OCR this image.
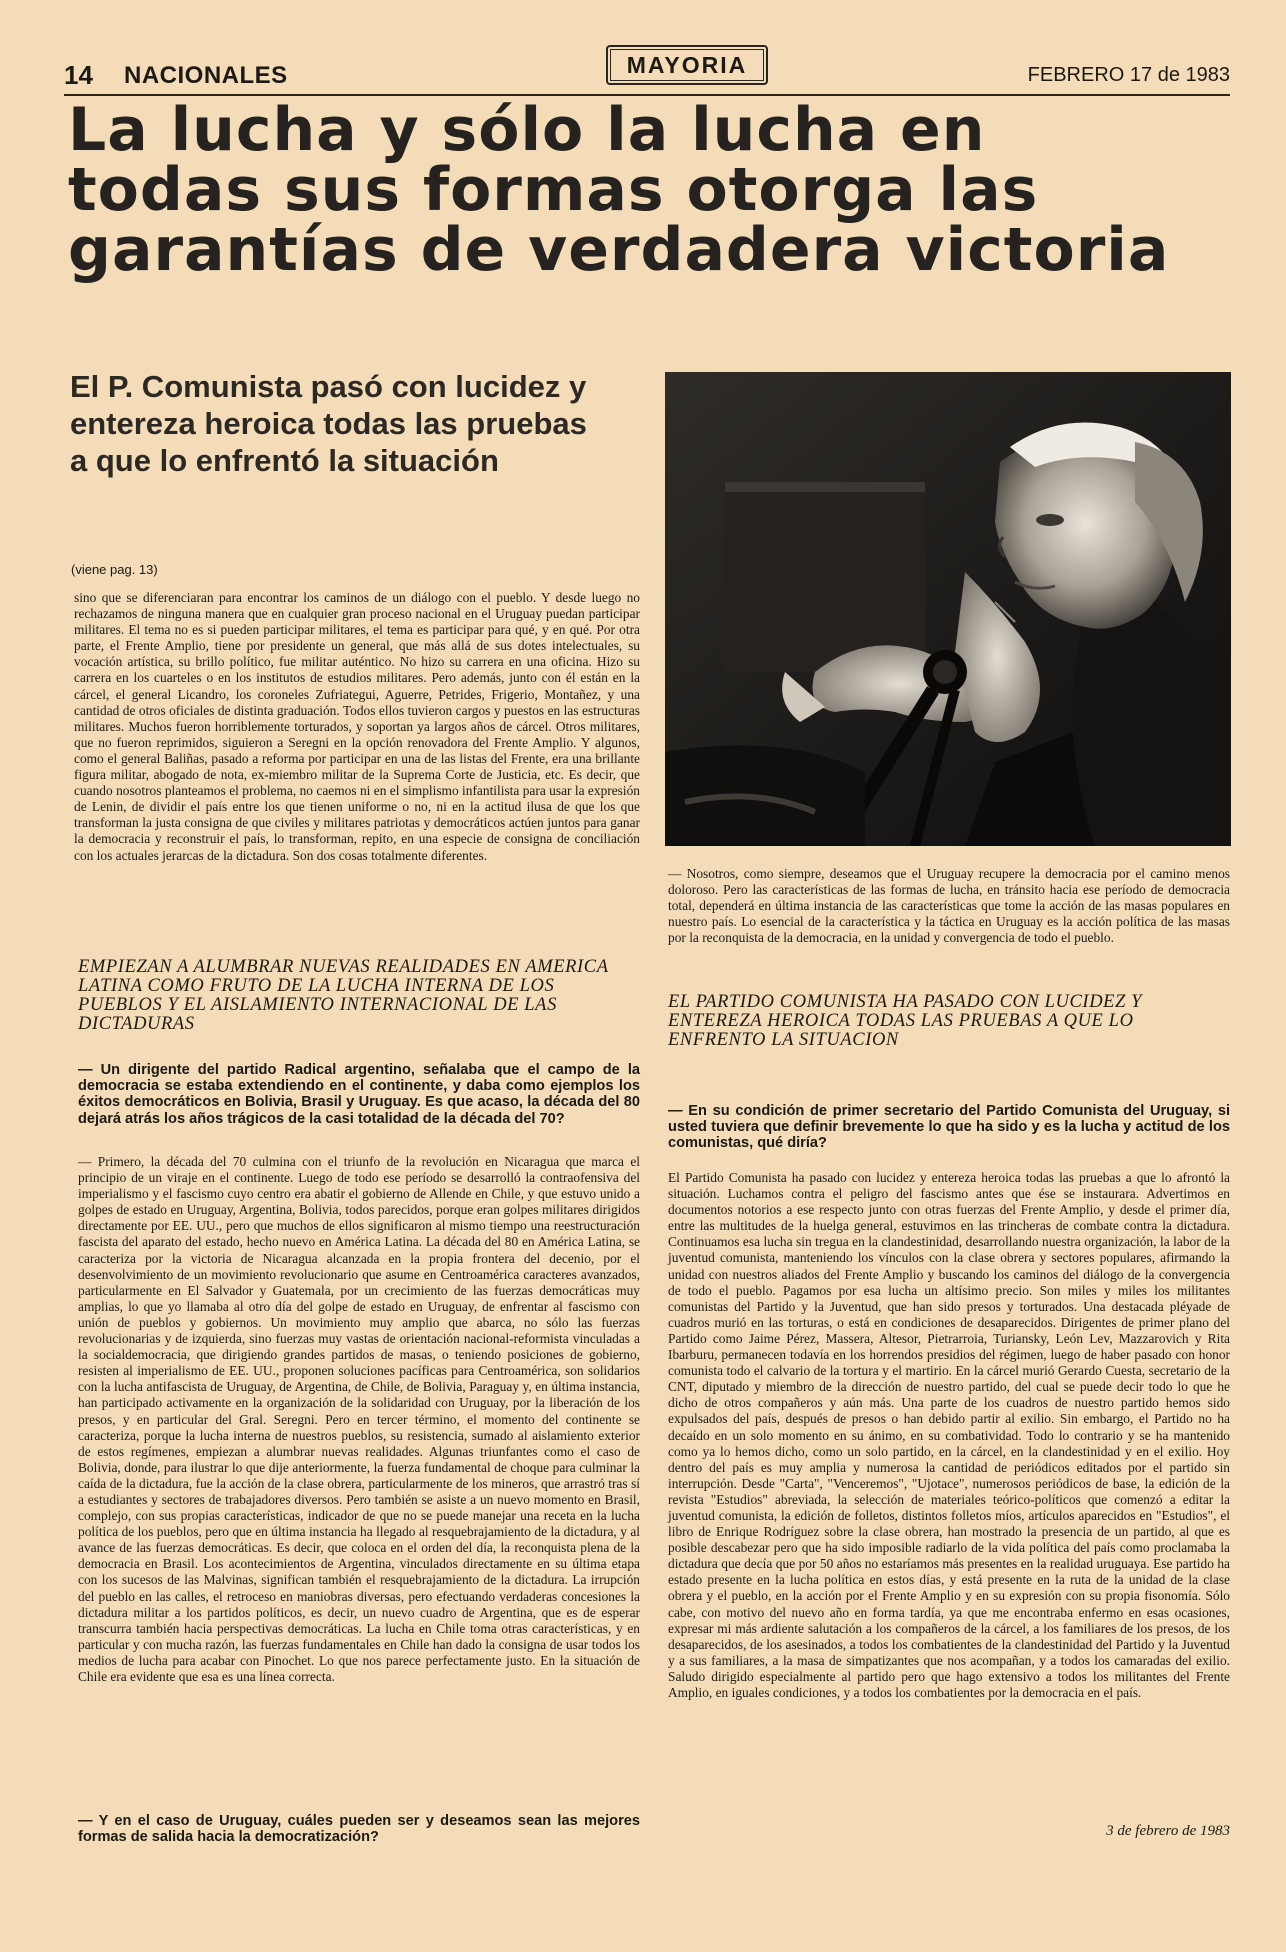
14 NACIONALES	MAYORIA	FEBRERO 17 de 1983
La lucha y sólo la lucha en todas sus formas otorga las garantías de verdadera victoria
El P. Comunista pasó con lucidez y entereza heroica todas las pruebas a que lo enfrentó la situación
(viene pag. 13)

sino que se diferenciaran para encontrar los caminos de un diálogo con el pueblo. Y desde luego no rechazamos de ninguna manera que en cualquier gran proceso nacional en el Uruguay puedan participar militares. El tema no es si pueden participar militares, el tema es participar para qué, y en qué. Por otra parte, el Frente Amplio, tiene por presidente un general, que más allá de sus dotes intelectuales, su vocación artística, su brillo político, fue militar auténtico. No hizo su carrera en una oficina. Hizo su carrera en los cuarteles o en los institutos de estudios militares. Pero además, junto con él están en la cárcel, el general Licandro, los coroneles Zufriategui, Aguerre, Petrides, Frigerio, Montañez, y una cantidad de otros oficiales de distinta graduación. Todos ellos tuvieron cargos y puestos en las estructuras militares. Muchos fueron horriblemente torturados, y soportan ya largos años de cárcel. Otros militares, que no fueron reprimidos, siguieron a Seregni en la opción renovadora del Frente Amplio. Y algunos, como el general Baliñas, pasado a reforma por participar en una de las listas del Frente, era una brillante figura militar, abogado de nota, ex-miembro militar de la Suprema Corte de Justicia, etc. Es decir, que cuando nosotros planteamos el problema, no caemos ni en el simplismo infantilista para usar la expresión de Lenin, de dividir el país entre los que tienen uniforme o no, ni en la actitud ilusa de que los que transforman la justa consigna de que civiles y militares patriotas y democráticos actúen juntos para ganar la democracia y reconstruir el país, lo transforman, repito, en una especie de consigna de conciliación con los actuales jerarcas de la dictadura. Son dos cosas totalmente diferentes.

EMPIEZAN A ALUMBRAR NUEVAS REALIDADES EN AMERICA LATINA COMO FRUTO DE LA LUCHA INTERNA DE LOS PUEBLOS Y EL AISLAMIENTO INTERNACIONAL DE LAS DICTADURAS

— Un dirigente del partido Radical argentino, señalaba que el campo de la democracia se estaba extendiendo en el continente, y daba como ejemplos los éxitos democráticos en Bolivia, Brasil y Uruguay. Es que acaso, la década del 80 dejará atrás los años trágicos de la casi totalidad de la década del 70?

— Primero, la década del 70 culmina con el triunfo de la revolución en Nicaragua que marca el principio de un viraje en el continente. Luego de todo ese período se desarrolló la contraofensiva del imperialismo y el fascismo cuyo centro era abatir el gobierno de Allende en Chile, y que estuvo unido a golpes de estado en Uruguay, Argentina, Bolivia, todos parecidos, porque eran golpes militares dirigidos directamente por EE. UU., pero que muchos de ellos significaron al mismo tiempo una reestructuración fascista del aparato del estado, hecho nuevo en América Latina. La década del 80 en América Latina, se caracteriza por la victoria de Nicaragua alcanzada en la propia frontera del decenio, por el desenvolvimiento de un movimiento revolucionario que asume en Centroamérica caracteres avanzados, particularmente en El Salvador y Guatemala, por un crecimiento de las fuerzas democráticas muy amplias, lo que yo llamaba al otro día del golpe de estado en Uruguay, de enfrentar al fascismo con unión de pueblos y gobiernos. Un movimiento muy amplio que abarca, no sólo las fuerzas revolucionarias y de izquierda, sino fuerzas muy vastas de orientación nacional-reformista vinculadas a la socialdemocracia, que dirigiendo grandes partidos de masas, o teniendo posiciones de gobierno, resisten al imperialismo de EE. UU., proponen soluciones pacíficas para Centroamérica, son solidarios con la lucha antifascista de Uruguay, de Argentina, de Chile, de Bolivia, Paraguay y, en última instancia, han participado activamente en la organización de la solidaridad con Uruguay, por la liberación de los presos, y en particular del Gral. Seregni. Pero en tercer término, el momento del continente se caracteriza, porque la lucha interna de nuestros pueblos, su resistencia, sumado al aislamiento exterior de estos regímenes, empiezan a alumbrar nuevas realidades. Algunas triunfantes como el caso de Bolivia, donde, para ilustrar lo que dije anteriormente, la fuerza fundamental de choque para culminar la caída de la dictadura, fue la acción de la clase obrera, particularmente de los mineros, que arrastró tras sí a estudiantes y sectores de trabajadores diversos. Pero también se asiste a un nuevo momento en Brasil, complejo, con sus propias características, indicador de que no se puede manejar una receta en la lucha política de los pueblos, pero que en última instancia ha llegado al resquebrajamiento de la dictadura, y al avance de las fuerzas democráticas. Es decir, que coloca en el orden del día, la reconquista plena de la democracia en Brasil. Los acontecimientos de Argentina, vinculados directamente en su última etapa con los sucesos de las Malvinas, significan también el resquebrajamiento de la dictadura. La irrupción del pueblo en las calles, el retroceso en maniobras diversas, pero efectuando verdaderas concesiones la dictadura militar a los partidos políticos, es decir, un nuevo cuadro de Argentina, que es de esperar transcurra también hacia perspectivas democráticas. La lucha en Chile toma otras características, y en particular y con mucha razón, las fuerzas fundamentales en Chile han dado la consigna de usar todos los medios de lucha para acabar con Pinochet. Lo que nos parece perfectamente justo. En la situación de Chile era evidente que esa es una línea correcta.

— Y en el caso de Uruguay, cuáles pueden ser y deseamos sean las mejores formas de salida hacia la democratización?

— Nosotros, como siempre, deseamos que el Uruguay recupere la democracia por el camino menos doloroso. Pero las características de las formas de lucha, en tránsito hacia ese período de democracia total, dependerá en última instancia de las características que tome la acción de las masas populares en nuestro país. Lo esencial de la característica y la táctica en Uruguay es la acción política de las masas por la reconquista de la democracia, en la unidad y convergencia de todo el pueblo.

EL PARTIDO COMUNISTA HA PASADO CON LUCIDEZ Y ENTEREZA HEROICA TODAS LAS PRUEBAS A QUE LO ENFRENTO LA SITUACION

— En su condición de primer secretario del Partido Comunista del Uruguay, si usted tuviera que definir brevemente lo que ha sido y es la lucha y actitud de los comunistas, qué diría?

El Partido Comunista ha pasado con lucidez y entereza heroica todas las pruebas a que lo afrontó la situación. Luchamos contra el peligro del fascismo antes que ése se instaurara. Advertimos en documentos notorios a ese respecto junto con otras fuerzas del Frente Amplio, y desde el primer día, entre las multitudes de la huelga general, estuvimos en las trincheras de combate contra la dictadura. Continuamos esa lucha sin tregua en la clandestinidad, desarrollando nuestra organización, la labor de la juventud comunista, manteniendo los vínculos con la clase obrera y sectores populares, afirmando la unidad con nuestros aliados del Frente Amplio y buscando los caminos del diálogo de la convergencia de todo el pueblo. Pagamos por esa lucha un altísimo precio. Son miles y miles los militantes comunistas del Partido y la Juventud, que han sido presos y torturados. Una destacada pléyade de cuadros murió en las torturas, o está en condiciones de desaparecidos. Dirigentes de primer plano del Partido como Jaime Pérez, Massera, Altesor, Pietrarroia, Turiansky, León Lev, Mazzarovich y Rita Ibarburu, permanecen todavía en los horrendos presidios del régimen, luego de haber pasado con honor comunista todo el calvario de la tortura y el martirio. En la cárcel murió Gerardo Cuesta, secretario de la CNT, diputado y miembro de la dirección de nuestro partido, del cual se puede decir todo lo que he dicho de otros compañeros y aún más. Una parte de los cuadros de nuestro partido hemos sido expulsados del país, después de presos o han debido partir al exilio. Sin embargo, el Partido no ha decaído en un solo momento en su ánimo, en su combatividad. Todo lo contrario y se ha mantenido como ya lo hemos dicho, como un solo partido, en la cárcel, en la clandestinidad y en el exilio. Hoy dentro del país es muy amplia y numerosa la cantidad de periódicos editados por el partido sin interrupción. Desde "Carta", "Venceremos", "Ujotace", numerosos periódicos de base, la edición de la revista "Estudios" abreviada, la selección de materiales teórico-políticos que comenzó a editar la juventud comunista, la edición de folletos, distintos folletos míos, artículos aparecidos en "Estudios", el libro de Enrique Rodríguez sobre la clase obrera, han mostrado la presencia de un partido, al que es posible descabezar pero que ha sido imposible radiarlo de la vida política del país como proclamaba la dictadura que decía que por 50 años no estaríamos más presentes en la realidad uruguaya. Ese partido ha estado presente en la lucha política en estos días, y está presente en la ruta de la unidad de la clase obrera y el pueblo, en la acción por el Frente Amplio y en su expresión con su propia fisonomía. Sólo cabe, con motivo del nuevo año en forma tardía, ya que me encontraba enfermo en esas ocasiones, expresar mi más ardiente salutación a los compañeros de la cárcel, a los familiares de los presos, de los desaparecidos, de los asesinados, a todos los combatientes de la clandestinidad del Partido y la Juventud y a sus familiares, a la masa de simpatizantes que nos acompañan, y a todos los camaradas del exilio. Saludo dirigido especialmente al partido pero que hago extensivo a todos los militantes del Frente Amplio, en iguales condiciones, y a todos los combatientes por la democracia en el país.

3 de febrero de 1983
